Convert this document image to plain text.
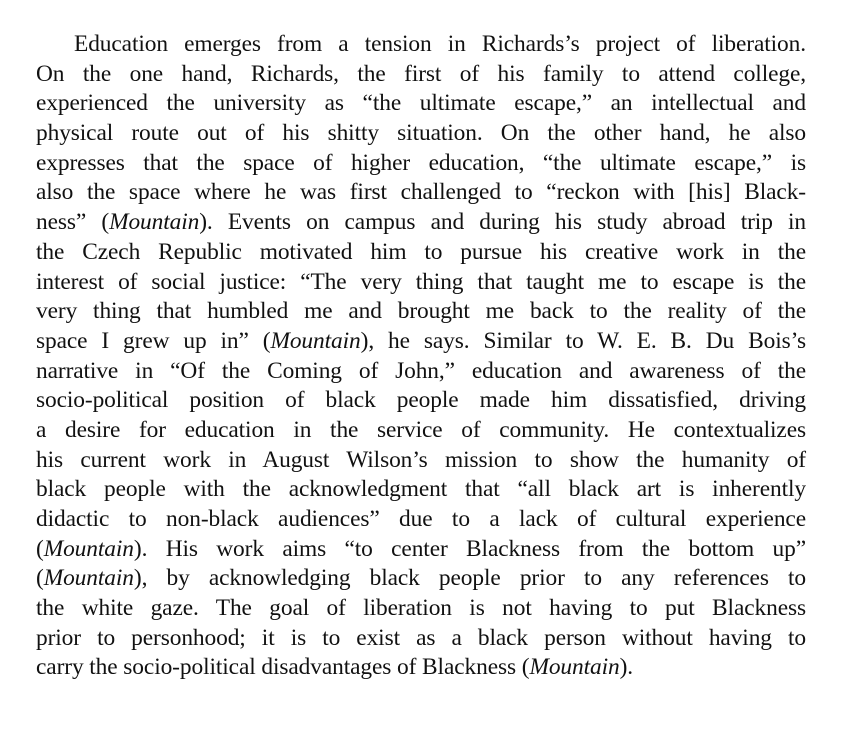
Education emerges from a tension in Richards’s project of liberation.
On the one hand, Richards, the first of his family to attend college,
experienced the university as “the ultimate escape,” an intellectual and
physical route out of his shitty situation. On the other hand, he also
expresses that the space of higher education, “the ultimate escape,” is
also the space where he was first challenged to “reckon with [his] Black-
ness” (Mountain). Events on campus and during his study abroad trip in
the Czech Republic motivated him to pursue his creative work in the
interest of social justice: “The very thing that taught me to escape is the
very thing that humbled me and brought me back to the reality of the
space I grew up in” (Mountain), he says. Similar to W. E. B. Du Bois’s
narrative in “Of the Coming of John,” education and awareness of the
socio-political position of black people made him dissatisfied, driving
a desire for education in the service of community. He contextualizes
his current work in August Wilson’s mission to show the humanity of
black people with the acknowledgment that “all black art is inherently
didactic to non-black audiences” due to a lack of cultural experience
(Mountain). His work aims “to center Blackness from the bottom up”
(Mountain), by acknowledging black people prior to any references to
the white gaze. The goal of liberation is not having to put Blackness
prior to personhood; it is to exist as a black person without having to
carry the socio-political disadvantages of Blackness (Mountain).
